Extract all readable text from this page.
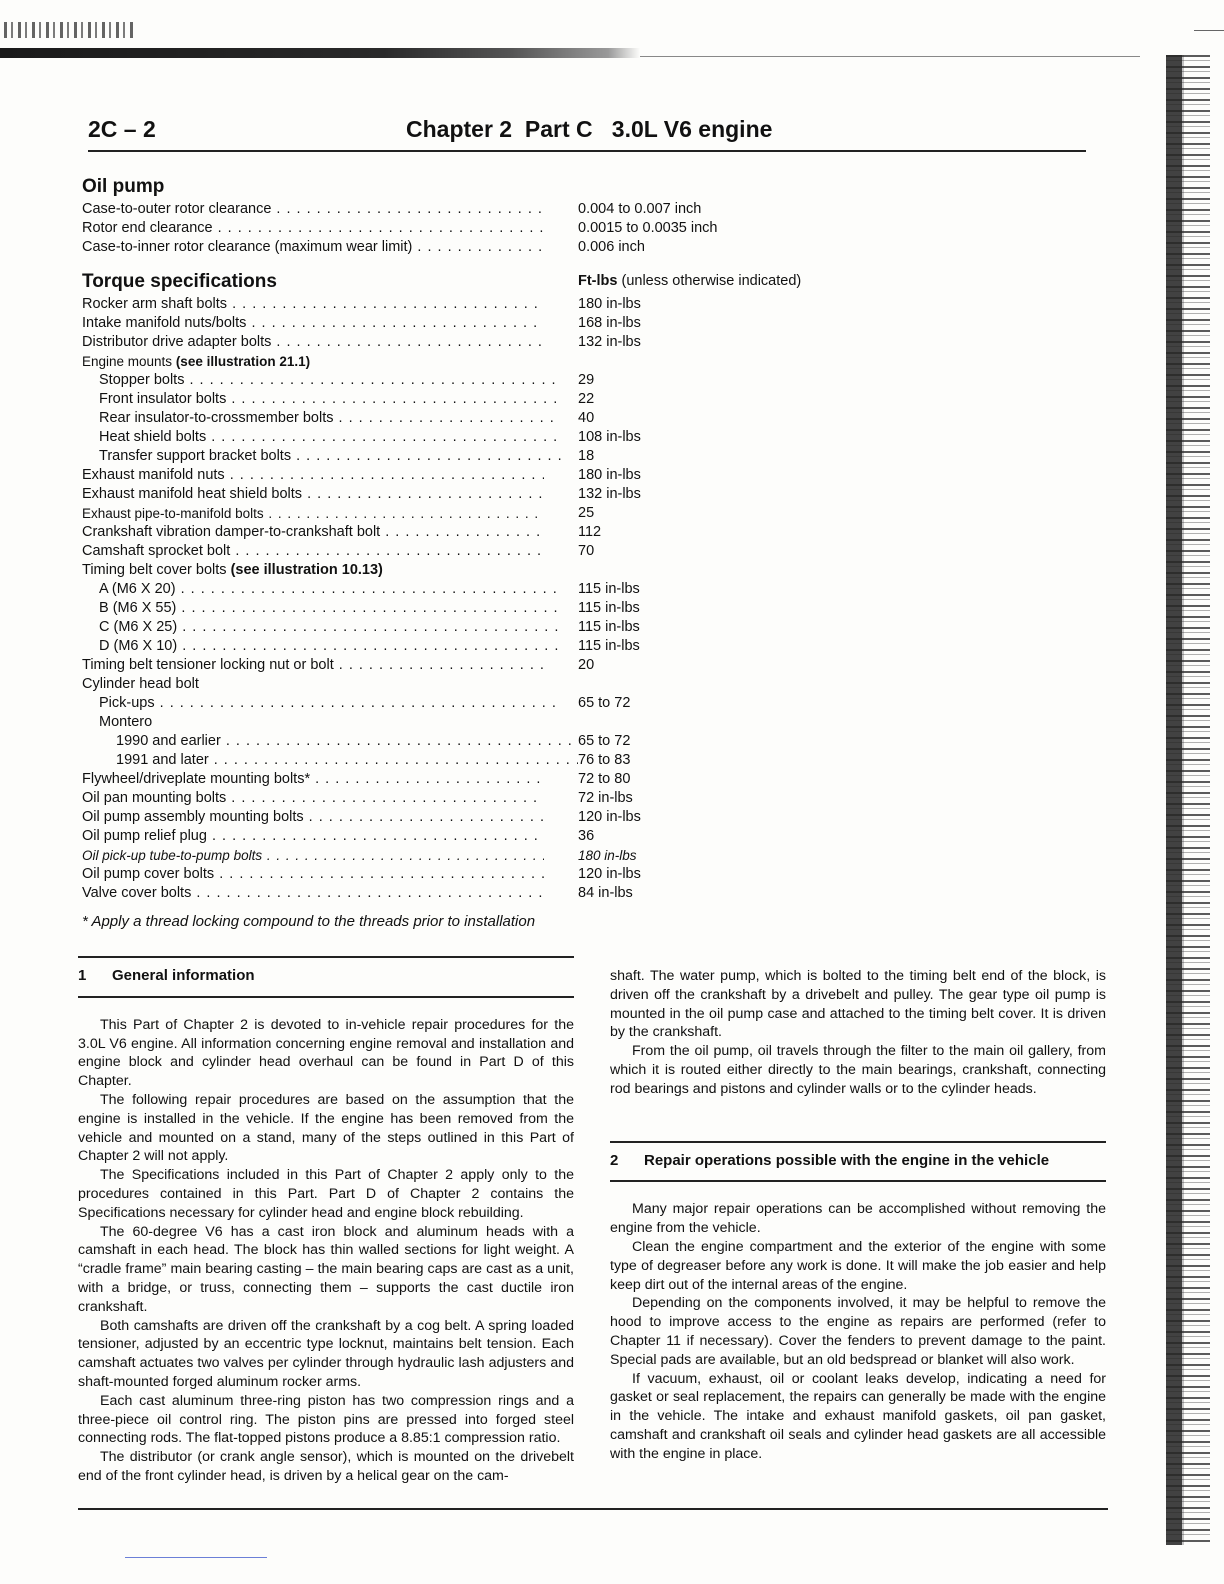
2C – 2	Chapter 2  Part C   3.0L V6 engine
Oil pump
Case-to-outer rotor clearance . . .	0.004 to 0.007 inch
Rotor end clearance . . .	0.0015 to 0.0035 inch
Case-to-inner rotor clearance (maximum wear limit) . . .	0.006 inch
Torque specifications	Ft-lbs (unless otherwise indicated)
Rocker arm shaft bolts . . .	180 in-lbs
Intake manifold nuts/bolts . . .	168 in-lbs
Distributor drive adapter bolts . . .	132 in-lbs
Engine mounts (see illustration 21.1)
Stopper bolts . . .	29
Front insulator bolts . . .	22
Rear insulator-to-crossmember bolts . . .	40
Heat shield bolts . . .	108 in-lbs
Transfer support bracket bolts . . .	18
Exhaust manifold nuts . . .	180 in-lbs
Exhaust manifold heat shield bolts . . .	132 in-lbs
Exhaust pipe-to-manifold bolts . . .	25
Crankshaft vibration damper-to-crankshaft bolt . . .	112
Camshaft sprocket bolt . . .	70
Timing belt cover bolts (see illustration 10.13)
A (M6 X 20) . . .	115 in-lbs
B (M6 X 55) . . .	115 in-lbs
C (M6 X 25) . . .	115 in-lbs
D (M6 X 10) . . .	115 in-lbs
Timing belt tensioner locking nut or bolt . . .	20
Cylinder head bolt
Pick-ups . . .	65 to 72
Montero
1990 and earlier . . .	65 to 72
1991 and later . . .	76 to 83
Flywheel/driveplate mounting bolts* . . .	72 to 80
Oil pan mounting bolts . . .	72 in-lbs
Oil pump assembly mounting bolts . . .	120 in-lbs
Oil pump relief plug . . .	36
Oil pick-up tube-to-pump bolts . . .	180 in-lbs
Oil pump cover bolts . . .	120 in-lbs
Valve cover bolts . . .	84 in-lbs
* Apply a thread locking compound to the threads prior to installation
1 General information

This Part of Chapter 2 is devoted to in-vehicle repair procedures for the 3.0L V6 engine. All information concerning engine removal and installation and engine block and cylinder head overhaul can be found in Part D of this Chapter.

The following repair procedures are based on the assumption that the engine is installed in the vehicle. If the engine has been removed from the vehicle and mounted on a stand, many of the steps outlined in this Part of Chapter 2 will not apply.

The Specifications included in this Part of Chapter 2 apply only to the procedures contained in this Part. Part D of Chapter 2 contains the Specifications necessary for cylinder head and engine block rebuilding.

The 60-degree V6 has a cast iron block and aluminum heads with a camshaft in each head. The block has thin walled sections for light weight. A “cradle frame” main bearing casting – the main bearing caps are cast as a unit, with a bridge, or truss, connecting them – supports the cast ductile iron crankshaft.

Both camshafts are driven off the crankshaft by a cog belt. A spring loaded tensioner, adjusted by an eccentric type locknut, maintains belt tension. Each camshaft actuates two valves per cylinder through hydraulic lash adjusters and shaft-mounted forged aluminum rocker arms.

Each cast aluminum three-ring piston has two compression rings and a three-piece oil control ring. The piston pins are pressed into forged steel connecting rods. The flat-topped pistons produce a 8.85:1 compression ratio.

The distributor (or crank angle sensor), which is mounted on the drivebelt end of the front cylinder head, is driven by a helical gear on the cam-

shaft. The water pump, which is bolted to the timing belt end of the block, is driven off the crankshaft by a drivebelt and pulley. The gear type oil pump is mounted in the oil pump case and attached to the timing belt cover. It is driven by the crankshaft.

From the oil pump, oil travels through the filter to the main oil gallery, from which it is routed either directly to the main bearings, crankshaft, connecting rod bearings and pistons and cylinder walls or to the cylinder heads.

2 Repair operations possible with the engine in the vehicle

Many major repair operations can be accomplished without removing the engine from the vehicle.

Clean the engine compartment and the exterior of the engine with some type of degreaser before any work is done. It will make the job easier and help keep dirt out of the internal areas of the engine.

Depending on the components involved, it may be helpful to remove the hood to improve access to the engine as repairs are performed (refer to Chapter 11 if necessary). Cover the fenders to prevent damage to the paint. Special pads are available, but an old bedspread or blanket will also work.

If vacuum, exhaust, oil or coolant leaks develop, indicating a need for gasket or seal replacement, the repairs can generally be made with the engine in the vehicle. The intake and exhaust manifold gaskets, oil pan gasket, camshaft and crankshaft oil seals and cylinder head gaskets are all accessible with the engine in place.
